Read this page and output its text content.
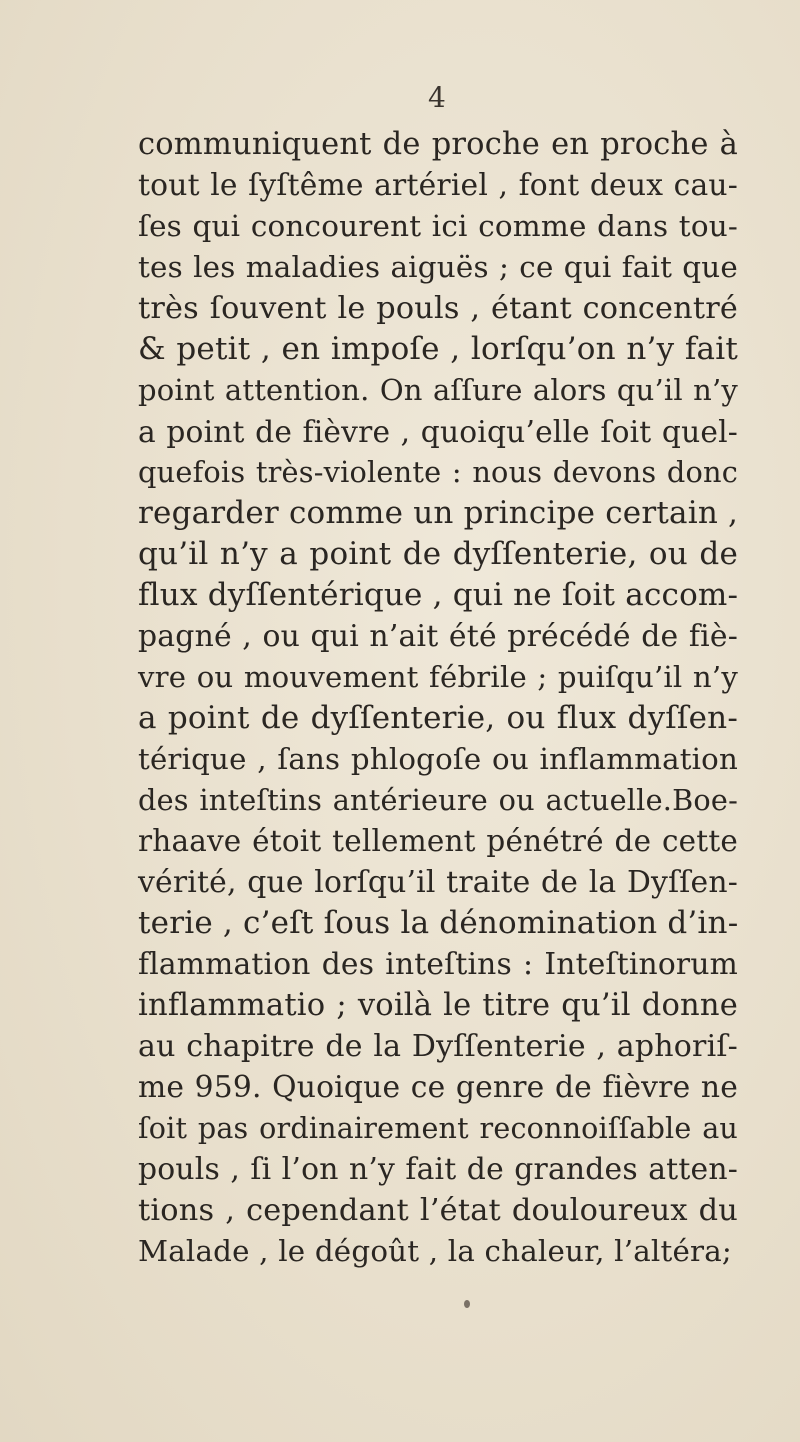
4
communiquent de proche en proche à
tout le ſyſtême artériel , font deux cau-
ſes qui concourent ici comme dans tou-
tes les maladies aiguës ; ce qui fait que
très ſouvent le pouls , étant concentré
& petit , en impoſe , lorſqu’on n’y fait
point attention. On aſſure alors qu’il n’y
a point de fièvre , quoiqu’elle ſoit quel-
quefois très-violente : nous devons donc
regarder comme un principe certain ,
qu’il n’y a point de dyſſenterie, ou de
flux dyſſentérique , qui ne ſoit accom-
pagné , ou qui n’ait été précédé de fiè-
vre ou mouvement fébrile ; puiſqu’il n’y
a point de dyſſenterie, ou flux dyſſen-
térique , ſans phlogoſe ou inflammation
des inteſtins antérieure ou actuelle.Boe-
rhaave étoit tellement pénétré de cette
vérité, que lorſqu’il traite de la Dyſſen-
terie , c’eſt ſous la dénomination d’in-
flammation des inteſtins : Inteſtinorum
inflammatio ; voilà le titre qu’il donne
au chapitre de la Dyſſenterie , aphoriſ-
me 959. Quoique ce genre de fièvre ne
ſoit pas ordinairement reconnoiſſable au
pouls , ſi l’on n’y fait de grandes atten-
tions , cependant l’état douloureux du
Malade , le dégoût , la chaleur, l’altéra;
